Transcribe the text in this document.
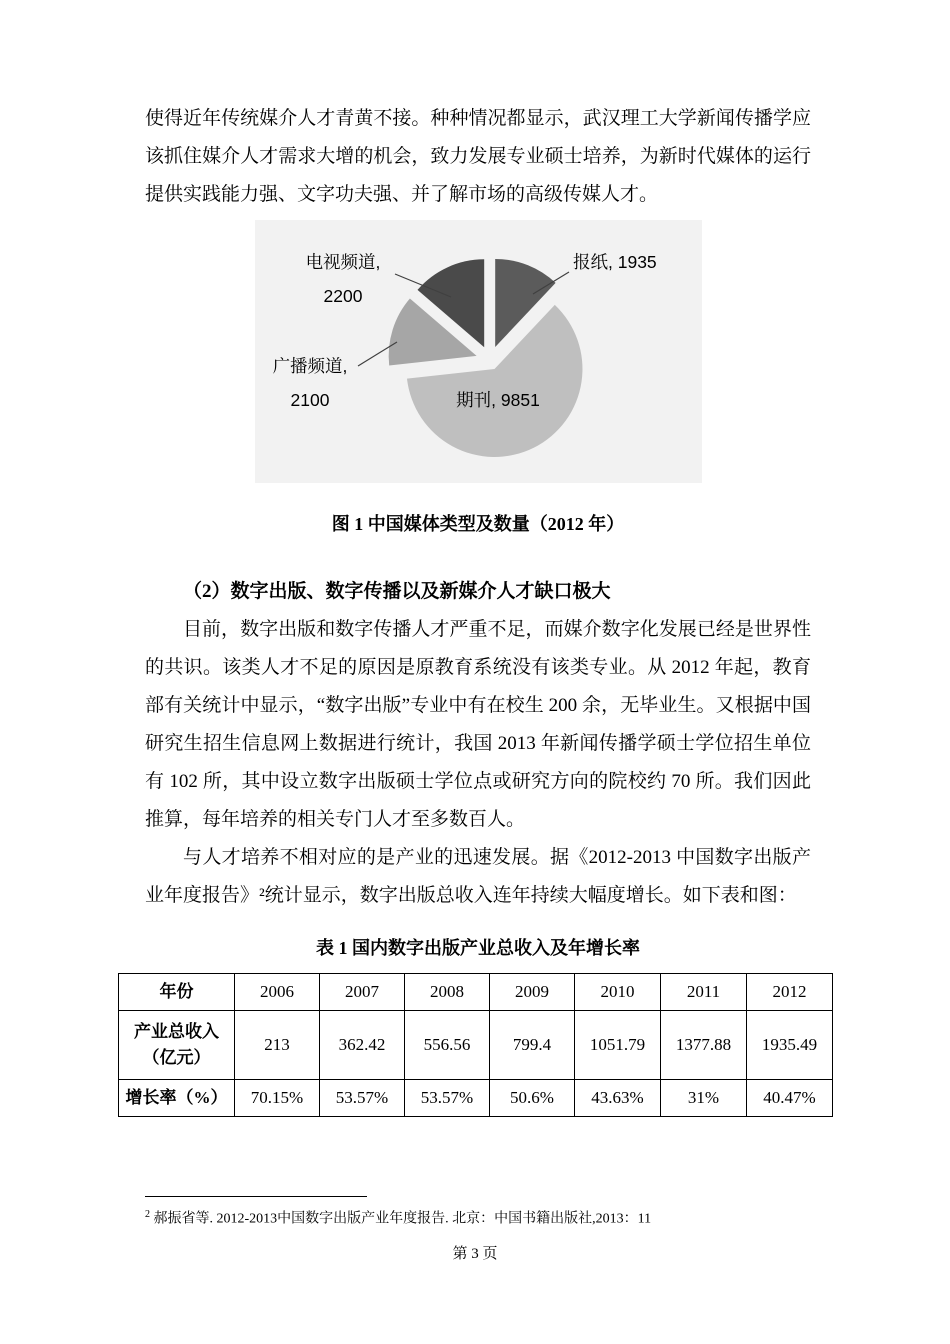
使得近年传统媒介人才青黄不接。种种情况都显示，武汉理工大学新闻传播学应该抓住媒介人才需求大增的机会，致力发展专业硕士培养，为新时代媒体的运行提供实践能力强、文字功夫强、并了解市场的高级传媒人才。

电视频道,
2200
报纸, 1935
广播频道,
2100	期刊, 9851
图 1 中国媒体类型及数量（2012 年）

（2）数字出版、数字传播以及新媒介人才缺口极大

目前，数字出版和数字传播人才严重不足，而媒介数字化发展已经是世界性的共识。该类人才不足的原因是原教育系统没有该类专业。从 2012 年起，教育部有关统计中显示，“数字出版”专业中有在校生 200 余，无毕业生。又根据中国研究生招生信息网上数据进行统计，我国 2013 年新闻传播学硕士学位招生单位有 102 所，其中设立数字出版硕士学位点或研究方向的院校约 70 所。我们因此推算，每年培养的相关专门人才至多数百人。

与人才培养不相对应的是产业的迅速发展。据《2012-2013 中国数字出版产业年度报告》²统计显示，数字出版总收入连年持续大幅度增长。如下表和图：

表 1 国内数字出版产业总收入及年增长率
年份	2006	2007	2008	2009	2010	2011	2012

产业总收入
（亿元）	213	362.42	556.56	799.4	1051.79	1377.88	1935.49
增长率（%）	70.15%	53.57%	53.57%	50.6%	43.63%	31%	40.47%
$^2$ 郝振省等. 2012-2013中国数字出版产业年度报告. 北京：中国书籍出版社,2013：11
第 3 页
